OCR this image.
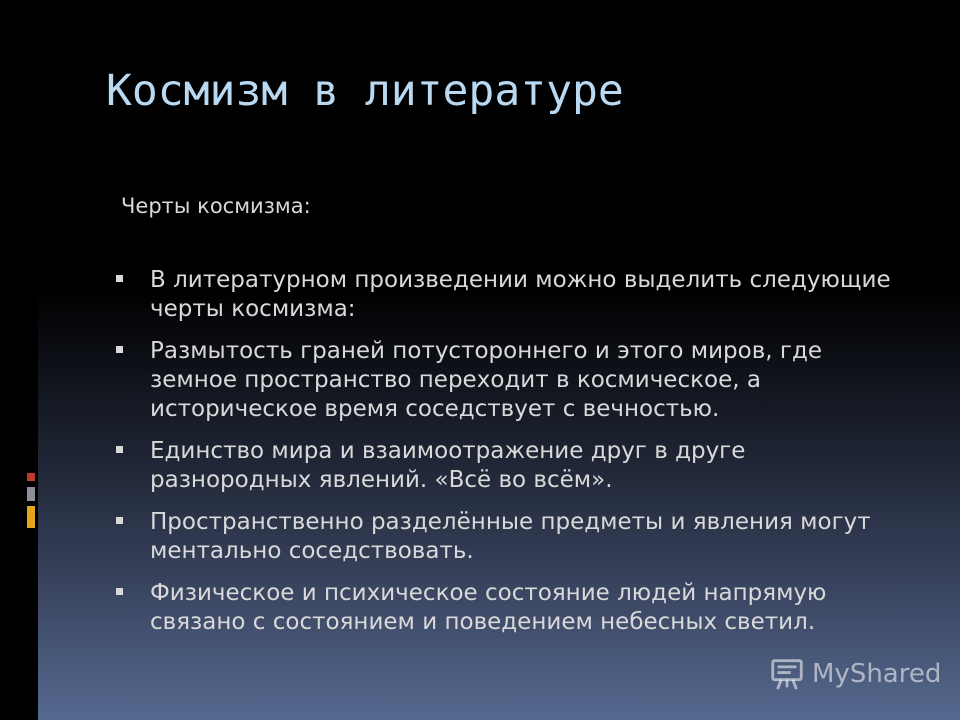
Космизм в литературе
Черты космизма:
В литературном произведении можно выделить следующие черты космизма:
Размытость граней потустороннего и этого миров, где земное пространство переходит в космическое, а историческое время соседствует с вечностью.
Единство мира и взаимоотражение друг в друге разнородных явлений. «Всё во всём».
Пространственно разделённые предметы и явления могут ментально соседствовать.
Физическое и психическое состояние людей напрямую связано с состоянием и поведением небесных светил.
MyShared
